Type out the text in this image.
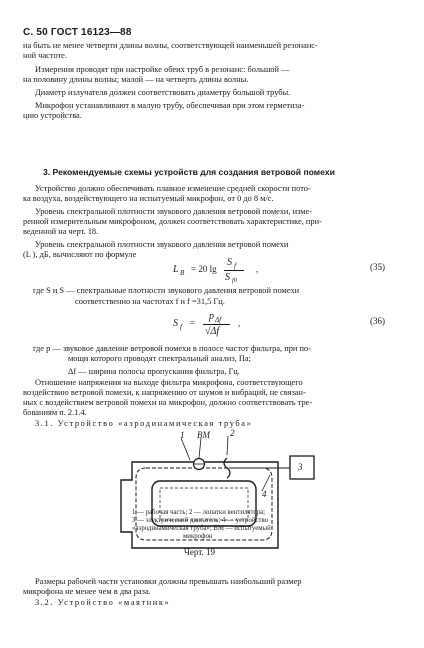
С. 50 ГОСТ 16123—88
на быть не менее четверти длины волны, соответствующей наименьшей резонанс-
ной частоте.
Измерения проводят при настройке обеих труб в резонанс: большой —
на половину длины волны; малой — на четверть длины волны.
Диаметр излучателя должен соответствовать диаметру большой трубы.
Микрофон устанавливают в малую трубу, обеспечивая при этом герметиза-
цию устройства.
3. Рекомендуемые схемы устройств для создания ветровой помехи
Устройство должно обеспечивать плавное изменение средней скорости пото-
ка воздуха, воздействующего на испытуемый микрофон, от 0 до 8 м/с.
Уровень спектральной плотности звукового давления ветровой помехи, изме-
ренной измерительным микрофоном, должен соответствовать характеристике, при-
веденной на черт. 18.
Уровень спектральной плотности звукового давления ветровой помехи
(L ), дБ, вычисляют по формуле
L B = 20 lg
S f
S f0
,	(35)
где S и S — спектральные плотности звукового давления ветровой помехи
соответственно на частотах f и f =31,5 Гц.
S f =
p Δf
√Δf
,	(36)
где p — звуковое давление ветровой помехи в полосе частот фильтра, при по-
мощи которого проводят спектральный анализ, Па;
Δf — ширина полосы пропускания фильтра, Гц.
Отношение напряжения на выходе фильтра микрофона, соответствующего
воздействию ветровой помехи, к напряжению от шумов и вибраций, не связан-
ных с воздействием ветровой помехи на микрофон, должно соответствовать тре-
бованиям п. 2.1.4.
3.1. Устройство «аэродинамическая труба»
1 ВМ 2
3
4
1 — рабочая часть; 2 — лопатки вентилятора;
3 — электрический двигатель; 4 — устройство
«аэродинамическая труба»; ВМ — испытуемый
микрофон
Черт. 19
Размеры рабочей части установки должны превышать наибольший размер
микрофона не менее чем в два раза.
3.2. Устройство «маятник»
